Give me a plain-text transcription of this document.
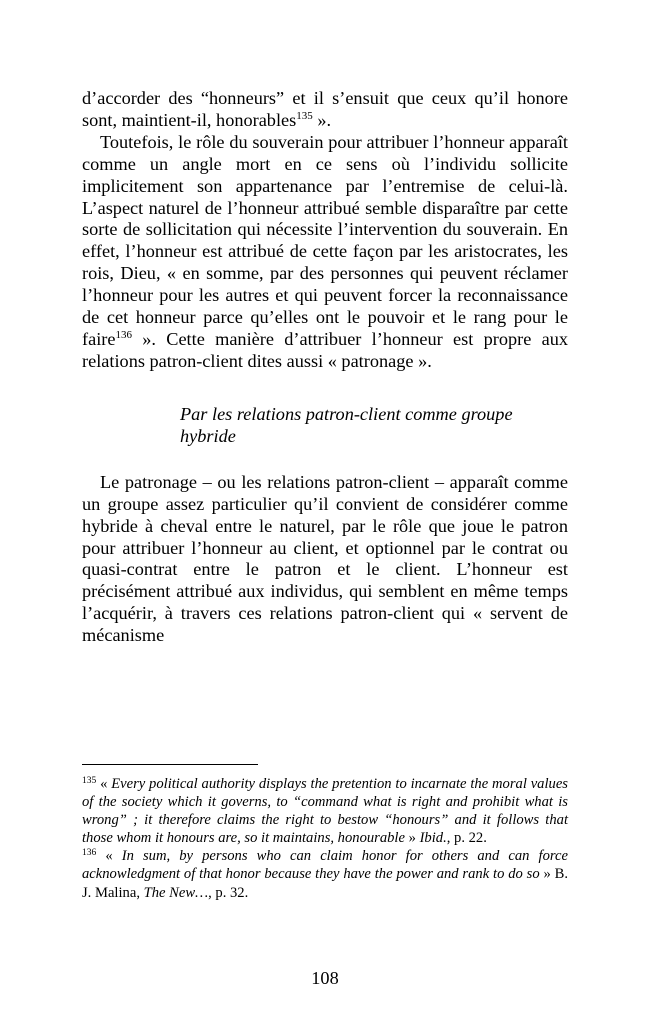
d’accorder des “honneurs” et il s’ensuit que ceux qu’il honore sont, maintient-il, honorables$^{135}$ ».

Toutefois, le rôle du souverain pour attribuer l’honneur apparaît comme un angle mort en ce sens où l’individu sollicite implicitement son appartenance par l’entremise de celui-là. L’aspect naturel de l’honneur attribué semble disparaître par cette sorte de sollicitation qui nécessite l’intervention du souverain. En effet, l’honneur est attribué de cette façon par les aristocrates, les rois, Dieu, « en somme, par des personnes qui peuvent réclamer l’honneur pour les autres et qui peuvent forcer la reconnaissance de cet honneur parce qu’elles ont le pouvoir et le rang pour le faire$^{136}$ ». Cette manière d’attribuer l’honneur est propre aux relations patron-client dites aussi « patronage ».

Par les relations patron-client comme groupe hybride

Le patronage – ou les relations patron-client – apparaît comme un groupe assez particulier qu’il convient de considérer comme hybride à cheval entre le naturel, par le rôle que joue le patron pour attribuer l’honneur au client, et optionnel par le contrat ou quasi-contrat entre le patron et le client. L’honneur est précisément attribué aux individus, qui semblent en même temps l’acquérir, à travers ces relations patron-client qui « servent de mécanisme

$^{135}$ « Every political authority displays the pretention to incarnate the moral values of the society which it governs, to “command what is right and prohibit what is wrong” ; it therefore claims the right to bestow “honours” and it follows that those whom it honours are, so it maintains, honourable » Ibid., p. 22.

$^{136}$ « In sum, by persons who can claim honor for others and can force acknowledgment of that honor because they have the power and rank to do so » B. J. Malina, The New…, p. 32.

108
